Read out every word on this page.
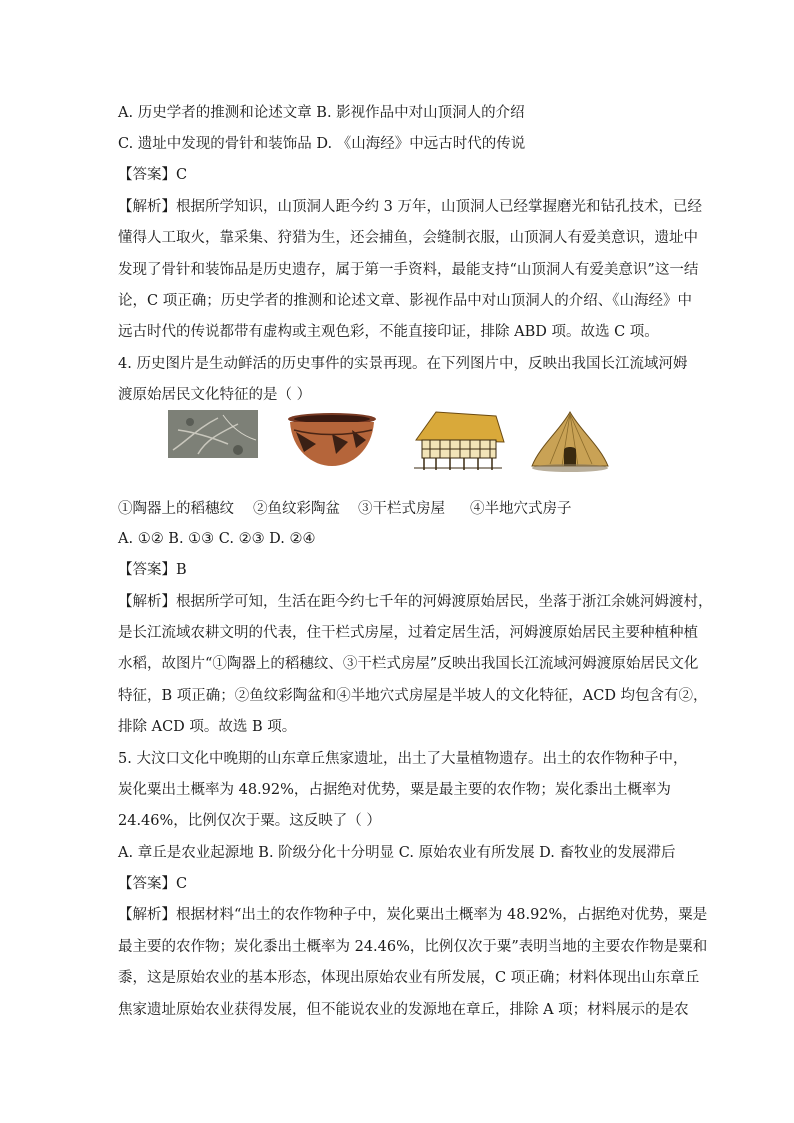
A. 历史学者的推测和论述文章 B. 影视作品中对山顶洞人的介绍
C. 遗址中发现的骨针和装饰品 D. 《山海经》中远古时代的传说
【答案】C
【解析】根据所学知识，山顶洞人距今约 3 万年，山顶洞人已经掌握磨光和钻孔技术，已经
懂得人工取火，靠采集、狩猎为生，还会捕鱼，会缝制衣服，山顶洞人有爱美意识，遗址中
发现了骨针和装饰品是历史遗存，属于第一手资料，最能支持“山顶洞人有爱美意识”这一结
论，C 项正确；历史学者的推测和论述文章、影视作品中对山顶洞人的介绍、《山海经》中
远古时代的传说都带有虚构或主观色彩，不能直接印证，排除 ABD 项。故选 C 项。
4. 历史图片是生动鲜活的历史事件的实景再现。在下列图片中，反映出我国长江流域河姆
渡原始居民文化特征的是（ ）
①陶器上的稻穗纹 ②鱼纹彩陶盆 ③干栏式房屋 ④半地穴式房子
A. ①② B. ①③ C. ②③ D. ②④
【答案】B
【解析】根据所学可知，生活在距今约七千年的河姆渡原始居民，坐落于浙江余姚河姆渡村，
是长江流域农耕文明的代表，住干栏式房屋，过着定居生活，河姆渡原始居民主要种植种植
水稻，故图片“①陶器上的稻穗纹、③干栏式房屋”反映出我国长江流域河姆渡原始居民文化
特征，B 项正确；②鱼纹彩陶盆和④半地穴式房屋是半坡人的文化特征，ACD 均包含有②，
排除 ACD 项。故选 B 项。
5. 大汶口文化中晚期的山东章丘焦家遗址，出土了大量植物遗存。出土的农作物种子中，
炭化粟出土概率为 48.92%，占据绝对优势，粟是最主要的农作物；炭化黍出土概率为
24.46%，比例仅次于粟。这反映了（ ）
A. 章丘是农业起源地 B. 阶级分化十分明显 C. 原始农业有所发展 D. 畜牧业的发展滞后
【答案】C
【解析】根据材料“出土的农作物种子中，炭化粟出土概率为 48.92%，占据绝对优势，粟是
最主要的农作物；炭化黍出土概率为 24.46%，比例仅次于粟”表明当地的主要农作物是粟和
黍，这是原始农业的基本形态，体现出原始农业有所发展，C 项正确；材料体现出山东章丘
焦家遗址原始农业获得发展，但不能说农业的发源地在章丘，排除 A 项；材料展示的是农
